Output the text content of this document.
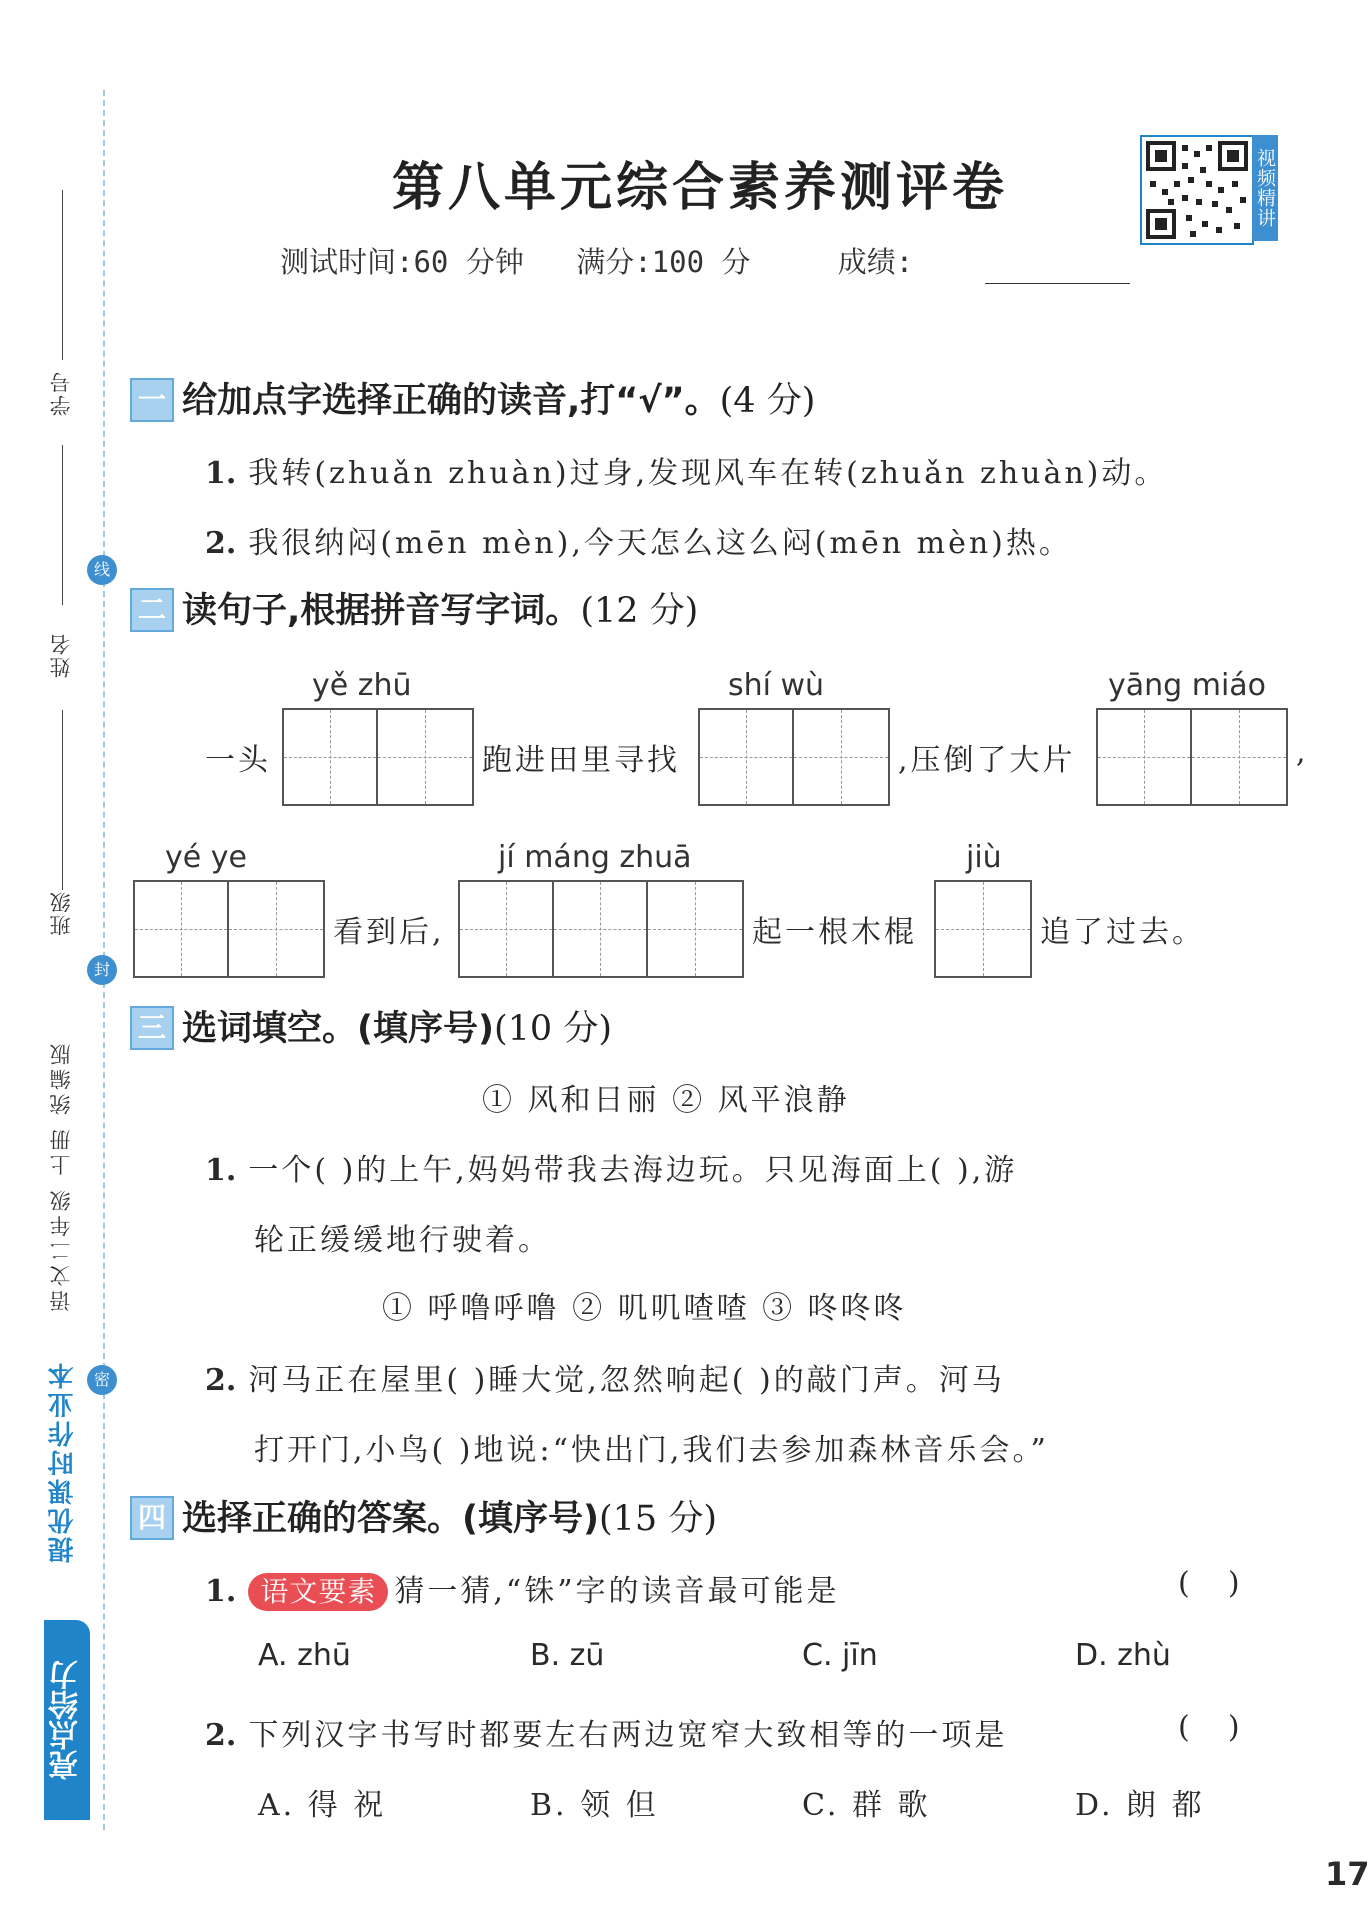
学号
姓名
班级
线
封
密
语文二年级 上册 统编版
提优课时作业本
亮点给力
第八单元综合素养测评卷	视频精讲
测试时间:60 分钟   满分:100 分     成绩:
一 给加点字选择正确的读音,打“√”。(4 分)
1. 我转(zhuǎn zhuàn)过身,发现风车在转(zhuǎn zhuàn)动。
2. 我很纳闷(mēn mèn),今天怎么这么闷(mēn mèn)热。
二 读句子,根据拼音写字词。(12 分)
一头
yě zhū
跑进田里寻找
shí wù
,压倒了大片
yāng miáo
,
yé ye
看到后,
jí máng zhuā
起一根木棍
jiù
追了过去。
三 选词填空。(填序号)(10 分)
① 风和日丽 ② 风平浪静
1. 一个( )的上午,妈妈带我去海边玩。只见海面上( ),游
轮正缓缓地行驶着。
① 呼噜呼噜 ② 叽叽喳喳 ③ 咚咚咚
2. 河马正在屋里( )睡大觉,忽然响起( )的敲门声。河马
打开门,小鸟( )地说:“快出门,我们去参加森林音乐会。”
四 选择正确的答案。(填序号)(15 分)
1. 语文要素 猜一猜,“铢”字的读音最可能是	(    )
A. zhū	B. zū	C. jīn	D. zhù
2. 下列汉字书写时都要左右两边宽窄大致相等的一项是	(    )
A. 得 祝	B. 领 但	C. 群 歌	D. 朗 都
17
